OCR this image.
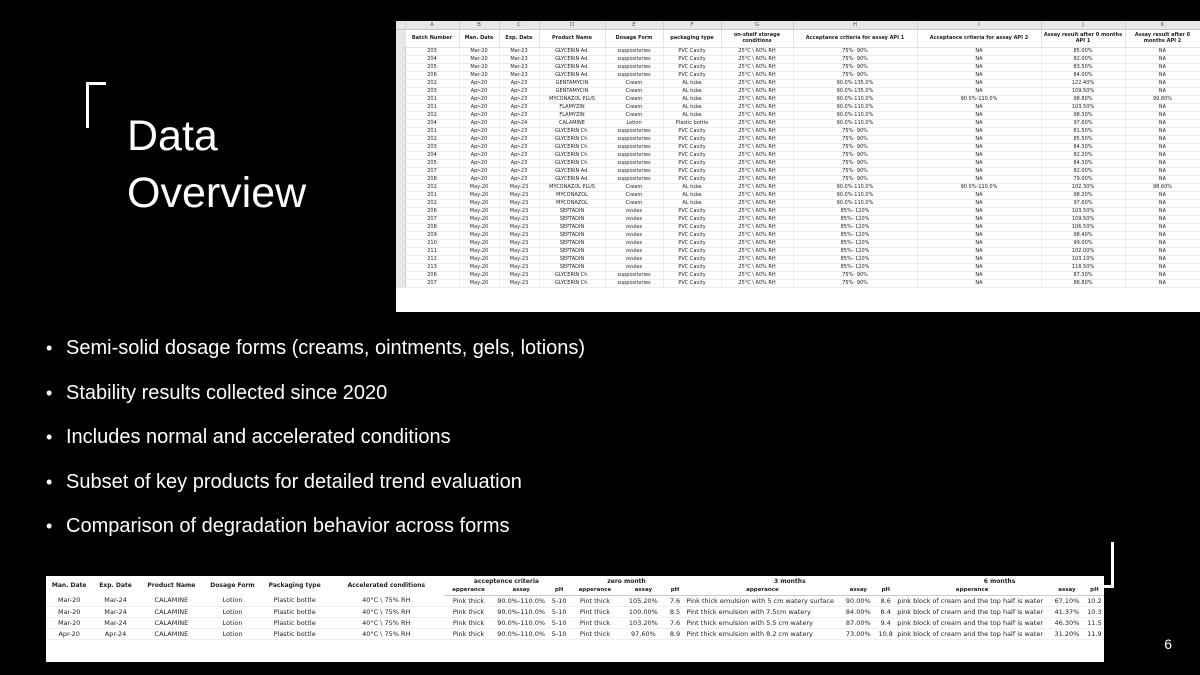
Data
Overview
	A	B	C	D	E	F	G	H	I	J	K
	Batch Number	Man. Date	Exp. Date	Product Name	Dosage Form	packaging type	on-shelf storage conditions	Acceptance criteria for assay API 1	Acceptance criteria for assay API 2	Assay result after 0 months API 1	Assay result after 0 months API 2
	203	Mar-20	Mar-23	GLYCERIN Ad.	suppositories	PVC Cavity	25°C \ 60% RH	75%- 90%	NA	85.00%	NA
	204	Mar-20	Mar-23	GLYCERIN Ad.	suppositories	PVC Cavity	25°C \ 60% RH	75%- 90%	NA	82.00%	NA
	205	Mar-20	Mar-23	GLYCERIN Ad.	suppositories	PVC Cavity	25°C \ 60% RH	75%- 90%	NA	83.50%	NA
	206	Mar-20	Mar-23	GLYCERIN Ad.	suppositories	PVC Cavity	25°C \ 60% RH	75%- 90%	NA	84.00%	NA
	202	Apr-20	Apr-23	GENTAMYCIN	Cream	AL tube	25°C \ 60% RH	90.0%-135.0%	NA	122.40%	NA
	203	Apr-20	Apr-23	GENTAMYCIN	Cream	AL tube	25°C \ 60% RH	90.0%-135.0%	NA	109.50%	NA
	201	Apr-20	Apr-23	MYCONAZOL PLUS	Cream	AL tube	25°C \ 60% RH	90.0%-110.0%	90.0%-110.0%	98.80%	99.80%
	201	Apr-20	Apr-23	FLAMYZIN	Cream	AL tube	25°C \ 60% RH	90.0%-110.0%	NA	103.50%	NA
	202	Apr-20	Apr-23	FLAMYZIN	Cream	AL tube	25°C \ 60% RH	90.0%-110.0%	NA	98.30%	NA
	204	Apr-20	Apr-24	CALAMINE	Lotion	Plastic bottle	25°C \ 60% RH	90.0%-110.0%	NA	97.60%	NA
	201	Apr-20	Apr-23	GLYCERIN Ch.	suppositories	PVC Cavity	25°C \ 60% RH	75%- 90%	NA	81.50%	NA
	202	Apr-20	Apr-23	GLYCERIN Ch.	suppositories	PVC Cavity	25°C \ 60% RH	75%- 90%	NA	85.50%	NA
	203	Apr-20	Apr-23	GLYCERIN Ch.	suppositories	PVC Cavity	25°C \ 60% RH	75%- 90%	NA	84.30%	NA
	204	Apr-20	Apr-23	GLYCERIN Ch.	suppositories	PVC Cavity	25°C \ 60% RH	75%- 90%	NA	82.20%	NA
	205	Apr-20	Apr-23	GLYCERIN Ch.	suppositories	PVC Cavity	25°C \ 60% RH	75%- 90%	NA	84.30%	NA
	207	Apr-20	Apr-23	GLYCERIN Ad.	suppositories	PVC Cavity	25°C \ 60% RH	75%- 90%	NA	82.00%	NA
	208	Apr-20	Apr-23	GLYCERIN Ad.	suppositories	PVC Cavity	25°C \ 60% RH	75%- 90%	NA	79.00%	NA
	202	May-20	May-23	MYCONAZOL PLUS	Cream	AL tube	25°C \ 60% RH	90.0%-110.0%	90.0%-110.0%	102.30%	98.60%
	201	May-20	May-23	MYCONAZOL	Cream	AL tube	25°C \ 60% RH	90.0%-110.0%	NA	98.20%	NA
	202	May-20	May-23	MYCONAZOL	Cream	AL tube	25°C \ 60% RH	90.0%-110.0%	NA	97.60%	NA
	206	May-20	May-23	SEPTADIN	ovules	PVC Cavity	25°C \ 60% RH	85%- 120%	NA	103.50%	NA
	207	May-20	May-23	SEPTADIN	ovules	PVC Cavity	25°C \ 60% RH	85%- 120%	NA	109.50%	NA
	208	May-20	May-23	SEPTADIN	ovules	PVC Cavity	25°C \ 60% RH	85%- 120%	NA	106.50%	NA
	209	May-20	May-23	SEPTADIN	ovules	PVC Cavity	25°C \ 60% RH	85%- 120%	NA	98.40%	NA
	210	May-20	May-23	SEPTADIN	ovules	PVC Cavity	25°C \ 60% RH	85%- 120%	NA	99.00%	NA
	211	May-20	May-23	SEPTADIN	ovules	PVC Cavity	25°C \ 60% RH	85%- 120%	NA	102.00%	NA
	212	May-20	May-23	SEPTADIN	ovules	PVC Cavity	25°C \ 60% RH	85%- 120%	NA	103.10%	NA
	213	May-20	May-23	SEPTADIN	ovules	PVC Cavity	25°C \ 60% RH	85%- 120%	NA	118.50%	NA
	206	May-20	May-23	GLYCERIN Ch.	suppositories	PVC Cavity	25°C \ 60% RH	75%- 90%	NA	87.30%	NA
	207	May-20	May-23	GLYCERIN Ch.	suppositories	PVC Cavity	25°C \ 60% RH	75%- 90%	NA	86.80%	NA
• Semi-solid dosage forms (creams, ointments, gels, lotions)
• Stability results collected since 2020
• Includes normal and accelerated conditions
• Subset of key products for detailed trend evaluation
• Comparison of degradation behavior across forms
Man. Date	Exp. Date	Product Name	Dosage Form	Packaging type	Accelerated conditions	acceptence criteria			zero month			3 months			6 months		
						apperance	assay	pH	apperance	assay	pH	apperance	assay	pH	apperance	assay	pH
Mar-20	Mar-24	CALAMINE	Lotion	Plastic bottle	40°C \ 75% RH	Pink thick	90.0%-110.0%	5-10	Pint thick	105.20%	7.6	Pink thick emulsion with 5 cm watery surface	90.00%	8.6	pink block of cream and the top half is water	67.10%	10.2
Mar-20	Mar-24	CALAMINE	Lotion	Plastic bottle	40°C \ 75% RH	Pink thick	90.0%-110.0%	5-10	Pint thick	100.00%	8.5	Pint thick emulsion with 7.5cm watery	84.00%	8.4	pink block of cream and the top half is water	41.37%	10.3
Mar-20	Mar-24	CALAMINE	Lotion	Plastic bottle	40°C \ 75% RH	Pink thick	90.0%-110.0%	5-10	Pint thick	103.20%	7.6	Pint thick emulsion with 5.5 cm watery	87.00%	9.4	pink block of cream and the top half is water	46.30%	11.5
Apr-20	Apr-24	CALAMINE	Lotion	Plastic bottle	40°C \ 75% RH	Pink thick	90.0%-110.0%	5-10	Pint thick	97.60%	8.9	Pint thick emulsion with 8.2 cm watery	73.00%	10.8	pink block of cream and the top half is water	31.20%	11.9
6
